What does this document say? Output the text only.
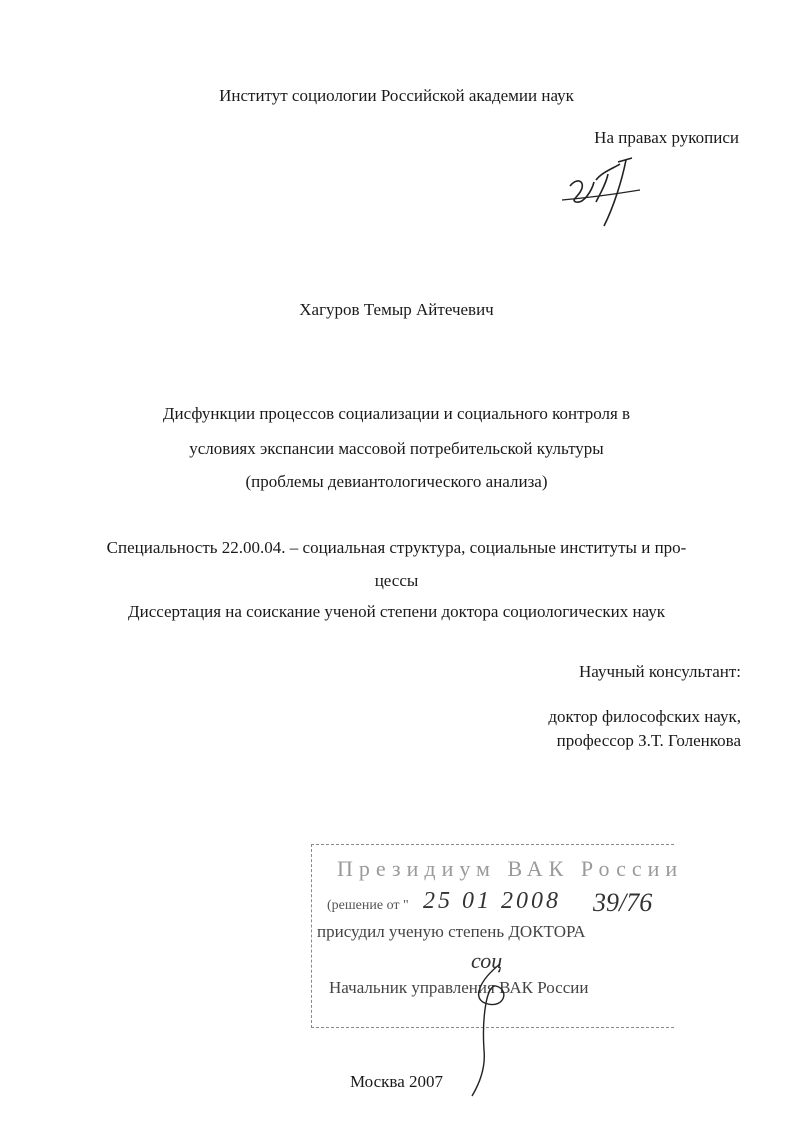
Институт социологии Российской академии наук
На правах рукописи
Хагуров Темыр Айтечевич
Дисфункции процессов социализации и социального контроля в
условиях экспансии массовой потребительской культуры
(проблемы девиантологического анализа)
Специальность 22.00.04. – социальная структура, социальные институты и про-
цессы
Диссертация на соискание ученой степени доктора социологических наук
Научный консультант:
доктор философских наук,
профессор З.Т. Голенкова
Президиум ВАК России
(решение от " 25 01 2008 39/76
присудил ученую степень ДОКТОРА
соц
Начальник управления ВАК России
Москва 2007
